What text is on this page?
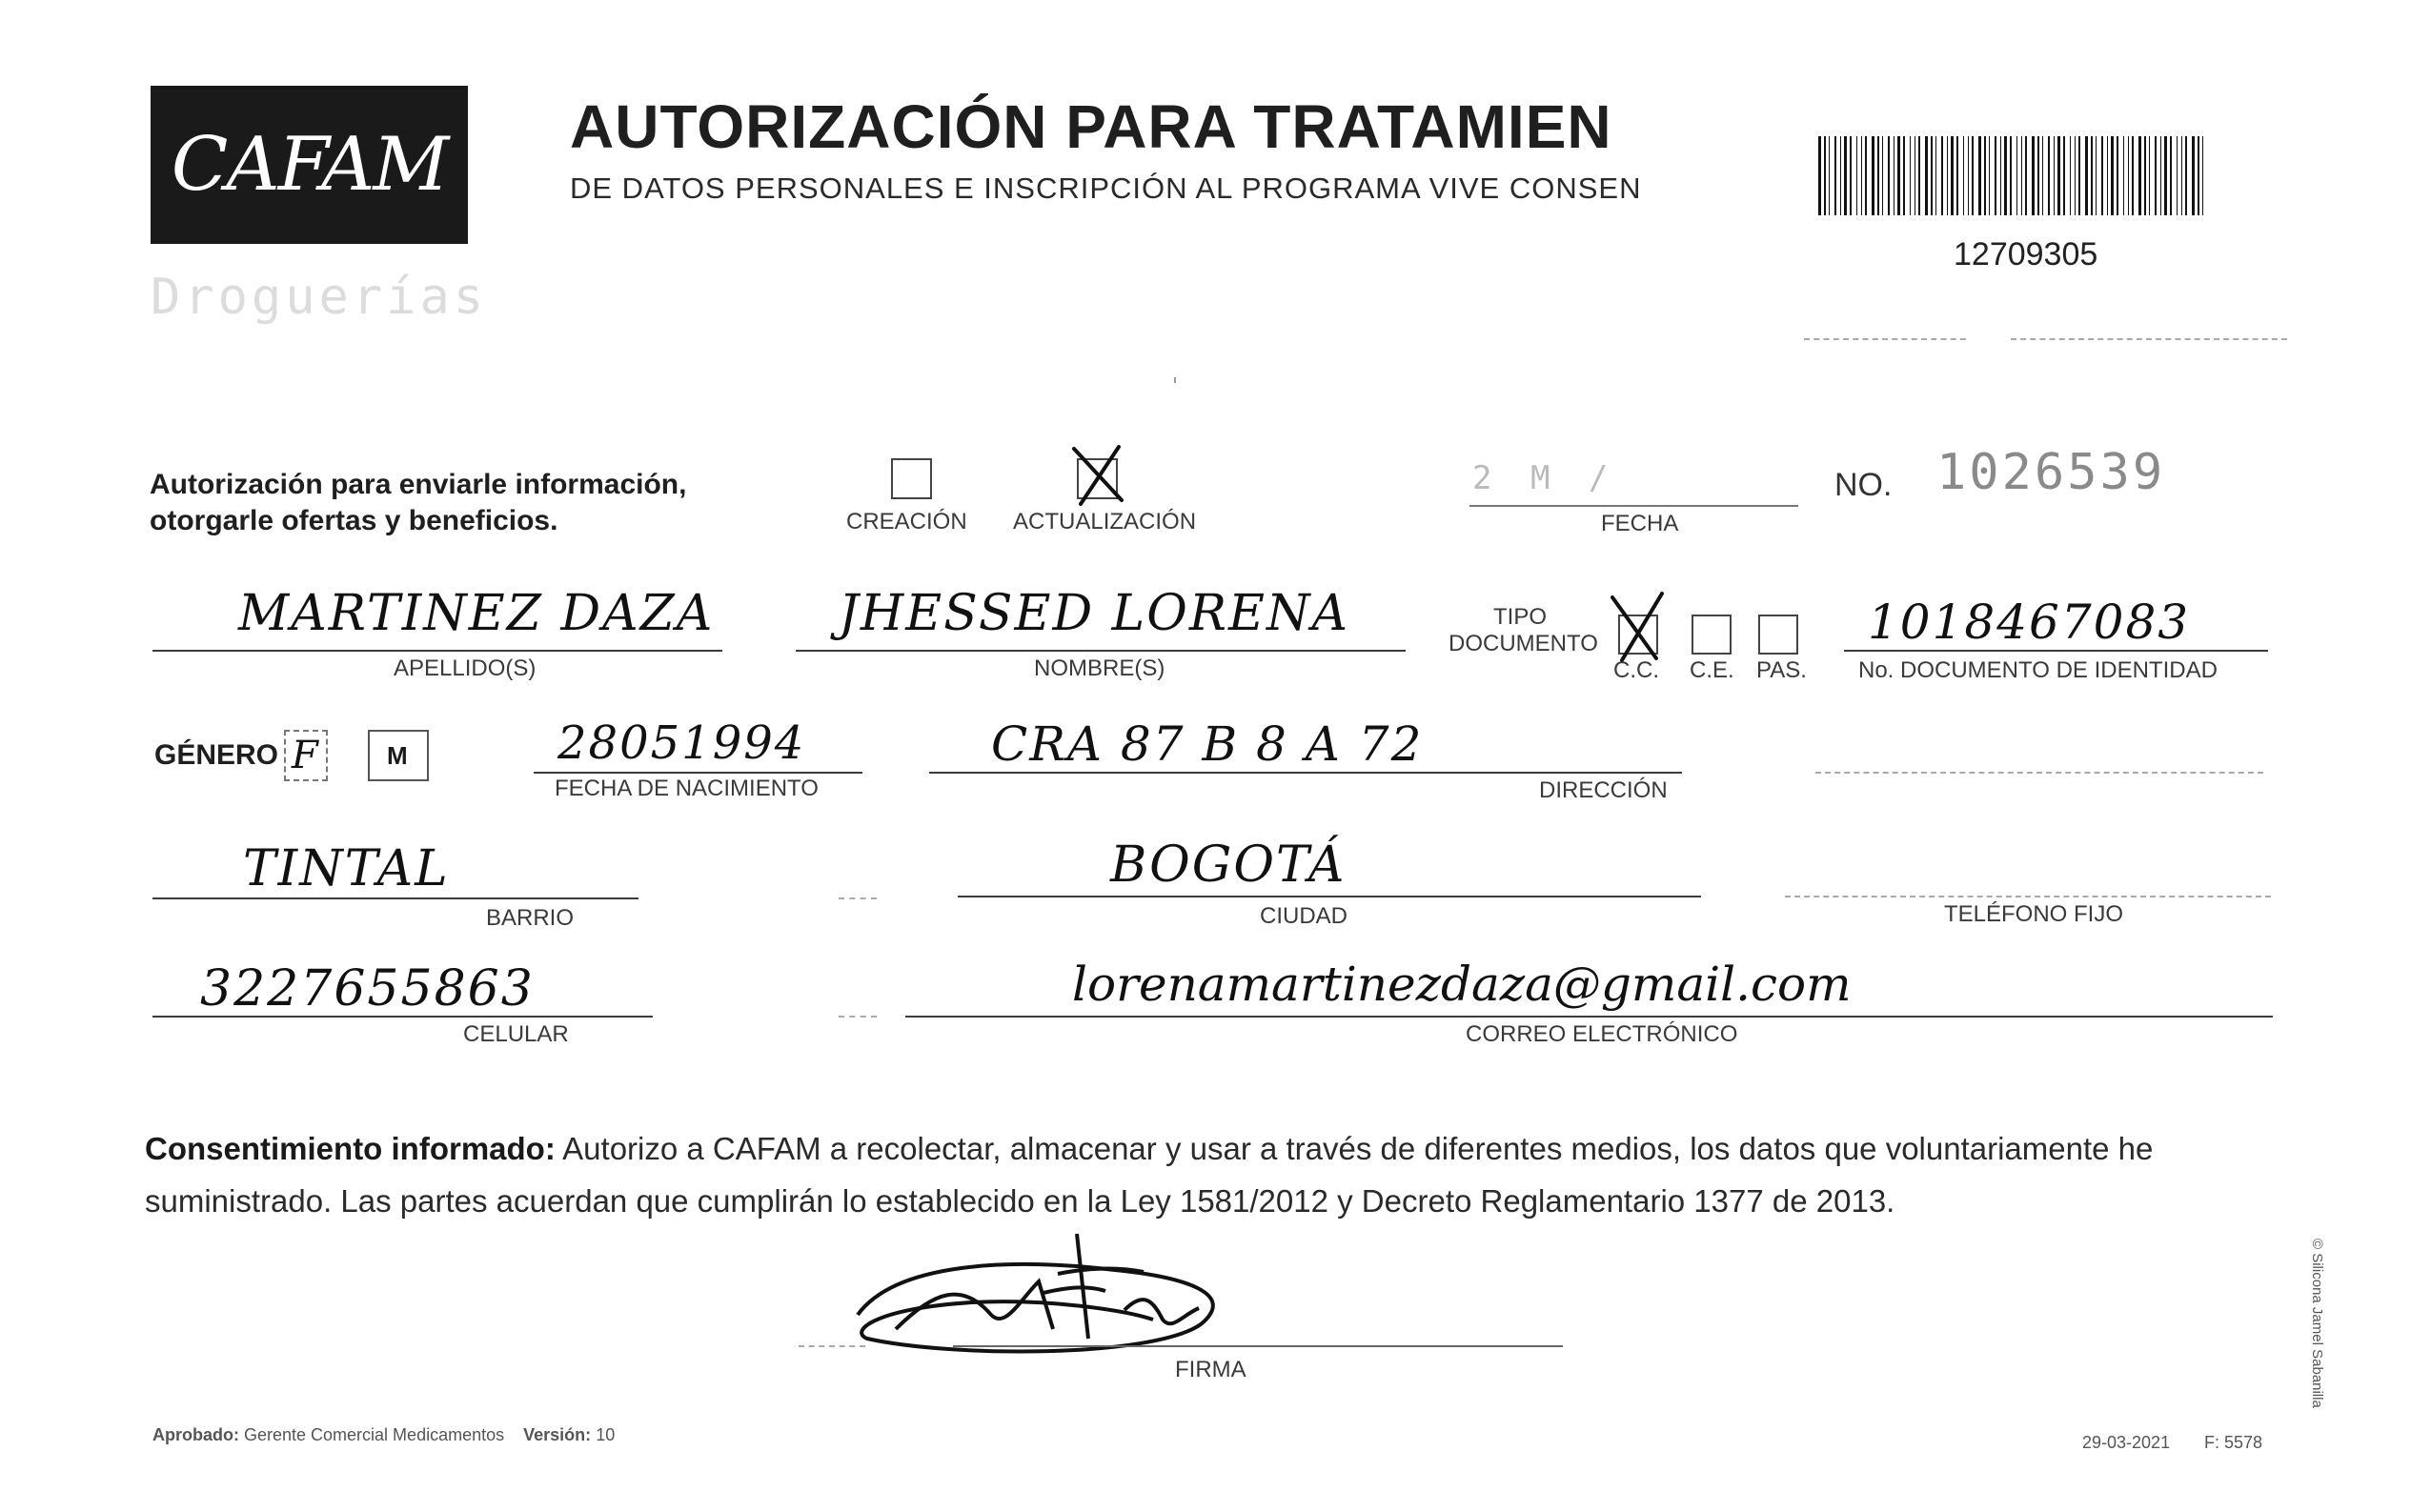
CAFAM
Droguerías
AUTORIZACIÓN PARA TRATAMIEN
DE DATOS PERSONALES E INSCRIPCIÓN AL PROGRAMA VIVE CONSEN
12709305
Autorización para enviarle información,
otorgarle ofertas y beneficios.	CREACIÓN ACTUALIZACIÓN
2 M /
FECHA
NO. 1026539
MARTINEZ DAZA
APELLIDO(S)
JHESSED LORENA
NOMBRE(S)
TIPO
DOCUMENTO
C.C. C.E. PAS.
1018467083
No. DOCUMENTO DE IDENTIDAD
GÉNERO F	M	28051994
FECHA DE NACIMIENTO
CRA 87 B 8 A 72
DIRECCIÓN
TINTAL
BARRIO
BOGOTÁ
CIUDAD	TELÉFONO FIJO
3227655863
CELULAR
lorenamartinezdaza@gmail.com
CORREO ELECTRÓNICO
Consentimiento informado: Autorizo a CAFAM a recolectar, almacenar y usar a través de diferentes medios, los datos que voluntariamente he suministrado. Las partes acuerdan que cumplirán lo establecido en la Ley 1581/2012 y Decreto Reglamentario 1377 de 2013.
FIRMA
Aprobado: Gerente Comercial Medicamentos Versión: 10	29-03-2021 F: 5578
© Silicona Jamel Sabanilla
